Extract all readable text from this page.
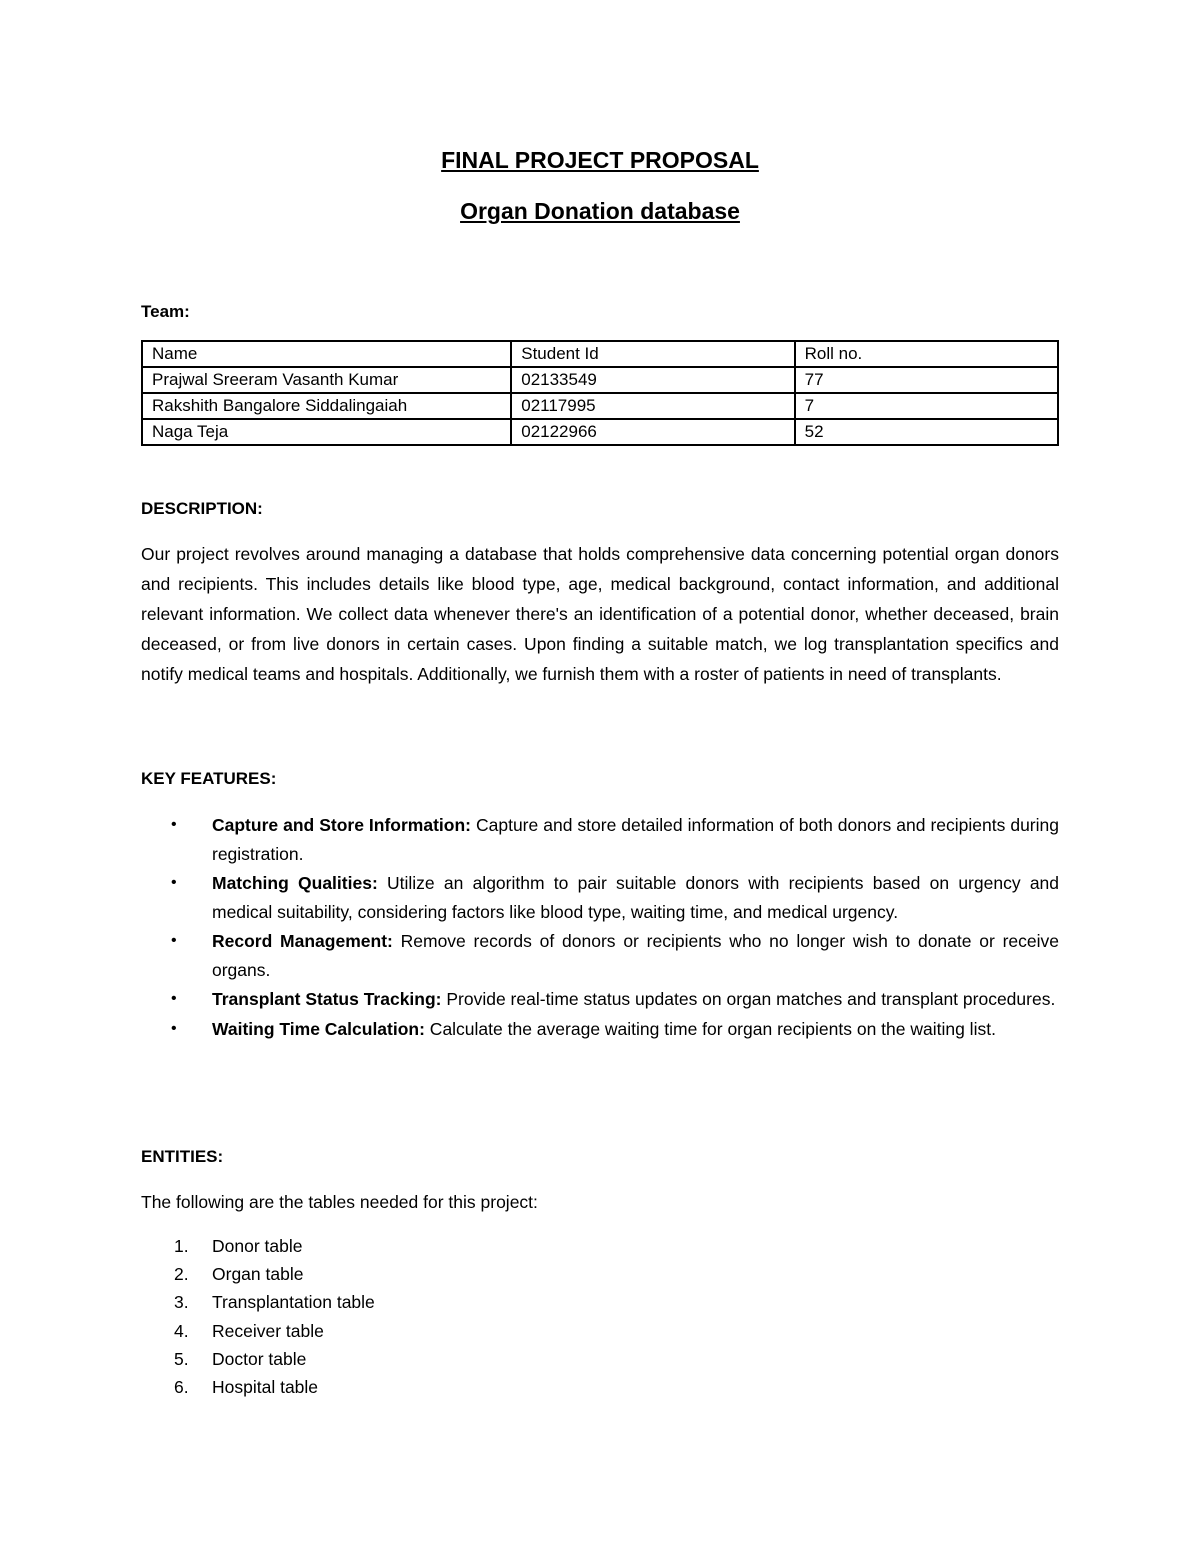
FINAL PROJECT PROPOSAL
Organ Donation database
Team:
Name	Student Id	Roll no.
Prajwal Sreeram Vasanth Kumar	02133549	77
Rakshith Bangalore Siddalingaiah	02117995	7
Naga Teja	02122966	52
DESCRIPTION:
Our project revolves around managing a database that holds comprehensive data concerning potential organ donors and recipients. This includes details like blood type, age, medical background, contact information, and additional relevant information. We collect data whenever there's an identification of a potential donor, whether deceased, brain deceased, or from live donors in certain cases. Upon finding a suitable match, we log transplantation specifics and notify medical teams and hospitals. Additionally, we furnish them with a roster of patients in need of transplants.
KEY FEATURES:
• Capture and Store Information: Capture and store detailed information of both donors and recipients during registration.
• Matching Qualities: Utilize an algorithm to pair suitable donors with recipients based on urgency and medical suitability, considering factors like blood type, waiting time, and medical urgency.
• Record Management: Remove records of donors or recipients who no longer wish to donate or receive organs.
• Transplant Status Tracking: Provide real-time status updates on organ matches and transplant procedures.
• Waiting Time Calculation: Calculate the average waiting time for organ recipients on the waiting list.
ENTITIES:
The following are the tables needed for this project:
1. Donor table
2. Organ table
3. Transplantation table
4. Receiver table
5. Doctor table
6. Hospital table
